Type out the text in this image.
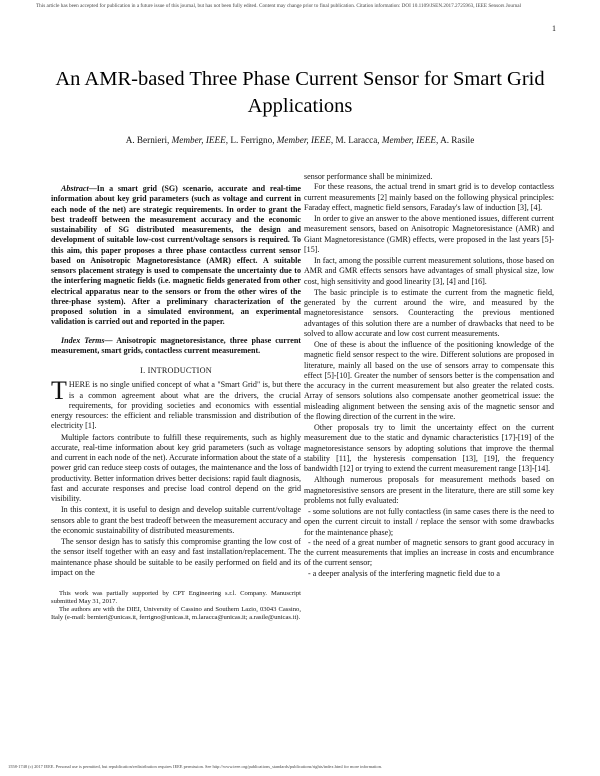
This article has been accepted for publication in a future issue of this journal, but has not been fully edited. Content may change prior to final publication. Citation information: DOI 10.1109/JSEN.2017.2725963, IEEE Sensors Journal
1
An AMR-based Three Phase Current Sensor for Smart Grid Applications
A. Bernieri, Member, IEEE, L. Ferrigno, Member, IEEE, M. Laracca, Member, IEEE, A. Rasile

Abstract—In a smart grid (SG) scenario, accurate and real-time information about key grid parameters (such as voltage and current in each node of the net) are strategic requirements. In order to grant the best tradeoff between the measurement accuracy and the economic sustainability of SG distributed measurements, the design and development of suitable low-cost current/voltage sensors is required. To this aim, this paper proposes a three phase contactless current sensor based on Anisotropic Magnetoresistance (AMR) effect. A suitable sensors placement strategy is used to compensate the uncertainty due to the interfering magnetic fields (i.e. magnetic fields generated from other electrical apparatus near to the sensors or from the other wires of the three-phase system). After a preliminary characterization of the proposed solution in a simulated environment, an experimental validation is carried out and reported in the paper.

Index Terms— Anisotropic magnetoresistance, three phase current measurement, smart grids, contactless current measurement.

I. INTRODUCTION

THERE is no single unified concept of what a "Smart Grid" is, but there is a common agreement about what are the drivers, the crucial requirements, for providing societies and economics with essential energy resources: the efficient and reliable transmission and distribution of electricity [1].

Multiple factors contribute to fulfill these requirements, such as highly accurate, real-time information about key grid parameters (such as voltage and current in each node of the net). Accurate information about the state of a power grid can reduce steep costs of outages, the maintenance and the loss of productivity. Better information drives better decisions: rapid fault diagnosis, fast and accurate responses and precise load control depend on the grid visibility.

In this context, it is useful to design and develop suitable current/voltage sensors able to grant the best tradeoff between the measurement accuracy and the economic sustainability of distributed measurements.

The sensor design has to satisfy this compromise granting the low cost of the sensor itself together with an easy and fast installation/replacement. The maintenance phase should be suitable to be easily performed on field and its impact on the

This work was partially supported by CPT Engineering s.r.l. Company. Manuscript submitted May 31, 2017.

The authors are with the DIEI, University of Cassino and Southern Lazio, 03043 Cassino, Italy (e-mail: bernieri@unicas.it, ferrigno@unicas.it, m.laracca@unicas.it; a.rasile@unicas.it).

sensor performance shall be minimized.

For these reasons, the actual trend in smart grid is to develop contactless current measurements [2] mainly based on the following physical principles: Faraday effect, magnetic field sensors, Faraday's law of induction [3], [4].

In order to give an answer to the above mentioned issues, different current measurement sensors, based on Anisotropic Magnetoresistance (AMR) and Giant Magnetoresistance (GMR) effects, were proposed in the last years [5]-[15].

In fact, among the possible current measurement solutions, those based on AMR and GMR effects sensors have advantages of small physical size, low cost, high sensitivity and good linearity [3], [4] and [16].

The basic principle is to estimate the current from the magnetic field, generated by the current around the wire, and measured by the magnetoresistance sensors. Counteracting the previous mentioned advantages of this solution there are a number of drawbacks that need to be solved to allow accurate and low cost current measurements.

One of these is about the influence of the positioning knowledge of the magnetic field sensor respect to the wire. Different solutions are proposed in literature, mainly all based on the use of sensors array to compensate this effect [5]-[10]. Greater the number of sensors better is the compensation and the accuracy in the current measurement but also greater the related costs. Array of sensors solutions also compensate another geometrical issue: the misleading alignment between the sensing axis of the magnetic sensor and the flowing direction of the current in the wire.

Other proposals try to limit the uncertainty effect on the current measurement due to the static and dynamic characteristics [17]-[19] of the magnetoresistance sensors by adopting solutions that improve the thermal stability [11], the hysteresis compensation [13], [19], the frequency bandwidth [12] or trying to extend the current measurement range [13]-[14].

Although numerous proposals for measurement methods based on magnetoresistive sensors are present in the literature, there are still some key problems not fully evaluated:

- some solutions are not fully contactless (in same cases there is the need to open the current circuit to install / replace the sensor with some drawbacks for the maintenance phase);

- the need of a great number of magnetic sensors to grant good accuracy in the current measurements that implies an increase in costs and encumbrance of the current sensor;

- a deeper analysis of the interfering magnetic field due to a

1558-1748 (c) 2017 IEEE. Personal use is permitted, but republication/redistribution requires IEEE permission. See http://www.ieee.org/publications_standards/publications/rights/index.html for more information.
